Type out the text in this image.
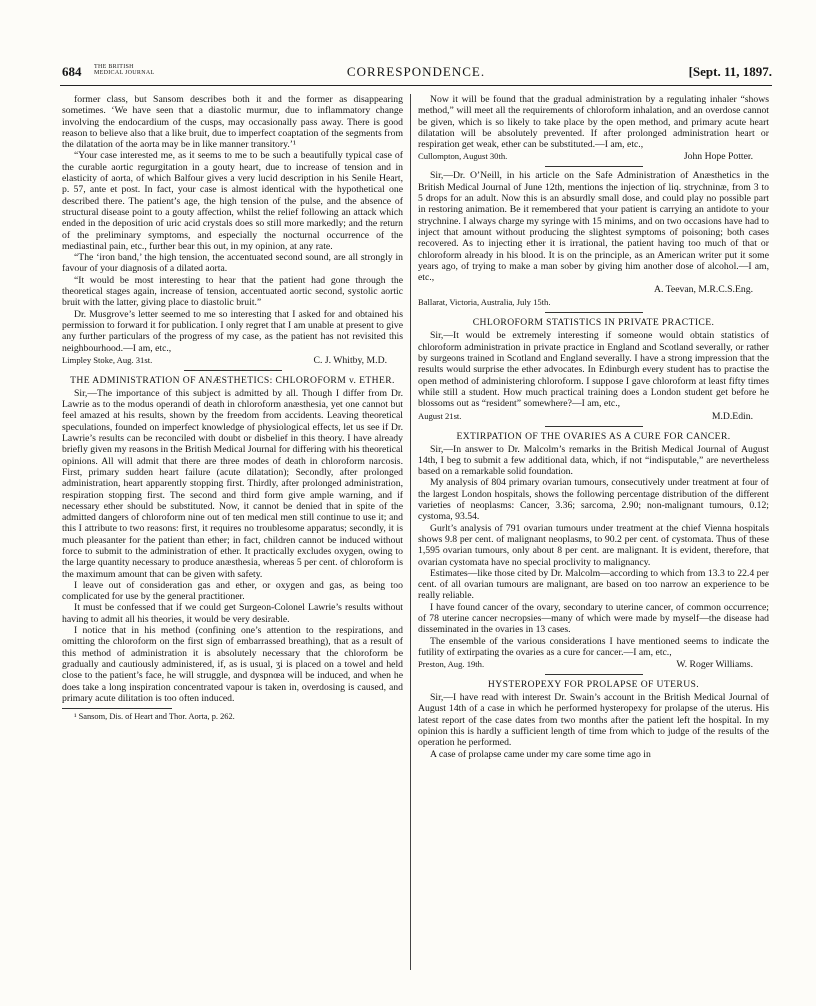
684 THE BRITISH
MEDICAL JOURNAL	CORRESPONDENCE.	[Sept. 11, 1897.

former class, but Sansom describes both it and the former as disappearing sometimes. ‘We have seen that a diastolic murmur, due to inflammatory change involving the endocardium of the cusps, may occasionally pass away. There is good reason to believe also that a like bruit, due to imperfect coaptation of the segments from the dilatation of the aorta may be in like manner transitory.’¹

“Your case interested me, as it seems to me to be such a beautifully typical case of the curable aortic regurgitation in a gouty heart, due to increase of tension and in elasticity of aorta, of which Balfour gives a very lucid description in his Senile Heart, p. 57, ante et post. In fact, your case is almost identical with the hypothetical one described there. The patient’s age, the high tension of the pulse, and the absence of structural disease point to a gouty affection, whilst the relief following an attack which ended in the deposition of uric acid crystals does so still more markedly; and the return of the preliminary symptoms, and especially the nocturnal occurrence of the mediastinal pain, etc., further bear this out, in my opinion, at any rate.

“The ‘iron band,’ the high tension, the accentuated second sound, are all strongly in favour of your diagnosis of a dilated aorta.

“It would be most interesting to hear that the patient had gone through the theoretical stages again, increase of tension, accentuated aortic second, systolic aortic bruit with the latter, giving place to diastolic bruit.”

Dr. Musgrove’s letter seemed to me so interesting that I asked for and obtained his permission to forward it for publication. I only regret that I am unable at present to give any further particulars of the progress of my case, as the patient has not revisited this neighbourhood.—I am, etc.,

Limpley Stoke, Aug. 31st.	C. J. Whitby, M.D.
THE ADMINISTRATION OF ANÆSTHETICS: CHLOROFORM v. ETHER.

Sir,—The importance of this subject is admitted by all. Though I differ from Dr. Lawrie as to the modus operandi of death in chloroform anæsthesia, yet one cannot but feel amazed at his results, shown by the freedom from accidents. Leaving theoretical speculations, founded on imperfect knowledge of physiological effects, let us see if Dr. Lawrie’s results can be reconciled with doubt or disbelief in this theory. I have already briefly given my reasons in the British Medical Journal for differing with his theoretical opinions. All will admit that there are three modes of death in chloroform narcosis. First, primary sudden heart failure (acute dilatation); Secondly, after prolonged administration, heart apparently stopping first. Thirdly, after prolonged administration, respiration stopping first. The second and third form give ample warning, and if necessary ether should be substituted. Now, it cannot be denied that in spite of the admitted dangers of chloroform nine out of ten medical men still continue to use it; and this I attribute to two reasons: first, it requires no troublesome apparatus; secondly, it is much pleasanter for the patient than ether; in fact, children cannot be induced without force to submit to the administration of ether. It practically excludes oxygen, owing to the large quantity necessary to produce anæsthesia, whereas 5 per cent. of chloroform is the maximum amount that can be given with safety.

I leave out of consideration gas and ether, or oxygen and gas, as being too complicated for use by the general practitioner.

It must be confessed that if we could get Surgeon-Colonel Lawrie’s results without having to admit all his theories, it would be very desirable.

I notice that in his method (confining one’s attention to the respirations, and omitting the chloroform on the first sign of embarrassed breathing), that as a result of this method of administration it is absolutely necessary that the chloroform be gradually and cautiously administered, if, as is usual, ʒi is placed on a towel and held close to the patient’s face, he will struggle, and dyspnœa will be induced, and when he does take a long inspiration concentrated vapour is taken in, overdosing is caused, and primary acute dilitation is too often induced.

¹ Sansom, Dis. of Heart and Thor. Aorta, p. 262.

Now it will be found that the gradual administration by a regulating inhaler “shows method,” will meet all the requirements of chloroform inhalation, and an overdose cannot be given, which is so likely to take place by the open method, and primary acute heart dilatation will be absolutely prevented. If after prolonged administration heart or respiration get weak, ether can be substituted.—I am, etc.,

Cullompton, August 30th.	John Hope Potter.

Sir,—Dr. O’Neill, in his article on the Safe Administration of Anæsthetics in the British Medical Journal of June 12th, mentions the injection of liq. strychninæ, from 3 to 5 drops for an adult. Now this is an absurdly small dose, and could play no possible part in restoring animation. Be it remembered that your patient is carrying an antidote to your strychnine. I always charge my syringe with 15 minims, and on two occasions have had to inject that amount without producing the slightest symptoms of poisoning; both cases recovered. As to injecting ether it is irrational, the patient having too much of that or chloroform already in his blood. It is on the principle, as an American writer put it some years ago, of trying to make a man sober by giving him another dose of alcohol.—I am, etc.,

A. Teevan, M.R.C.S.Eng.
Ballarat, Victoria, Australia, July 15th.
CHLOROFORM STATISTICS IN PRIVATE PRACTICE.

Sir,—It would be extremely interesting if someone would obtain statistics of chloroform administration in private practice in England and Scotland severally, or rather by surgeons trained in Scotland and England severally. I have a strong impression that the results would surprise the ether advocates. In Edinburgh every student has to practise the open method of administering chloroform. I suppose I gave chloroform at least fifty times while still a student. How much practical training does a London student get before he blossoms out as “resident” somewhere?—I am, etc.,

August 21st.	M.D.Edin.
EXTIRPATION OF THE OVARIES AS A CURE FOR CANCER.

Sir,—In answer to Dr. Malcolm’s remarks in the British Medical Journal of August 14th, I beg to submit a few additional data, which, if not “indisputable,” are nevertheless based on a remarkable solid foundation.

My analysis of 804 primary ovarian tumours, consecutively under treatment at four of the largest London hospitals, shows the following percentage distribution of the different varieties of neoplasms: Cancer, 3.36; sarcoma, 2.90; non-malignant tumours, 0.12; cystoma, 93.54.

Gurlt’s analysis of 791 ovarian tumours under treatment at the chief Vienna hospitals shows 9.8 per cent. of malignant neoplasms, to 90.2 per cent. of cystomata. Thus of these 1,595 ovarian tumours, only about 8 per cent. are malignant. It is evident, therefore, that ovarian cystomata have no special proclivity to malignancy.

Estimates—like those cited by Dr. Malcolm—according to which from 13.3 to 22.4 per cent. of all ovarian tumours are malignant, are based on too narrow an experience to be really reliable.

I have found cancer of the ovary, secondary to uterine cancer, of common occurrence; of 78 uterine cancer necropsies—many of which were made by myself—the disease had disseminated in the ovaries in 13 cases.

The ensemble of the various considerations I have mentioned seems to indicate the futility of extirpating the ovaries as a cure for cancer.—I am, etc.,

Preston, Aug. 19th.	W. Roger Williams.
HYSTEROPEXY FOR PROLAPSE OF UTERUS.

Sir,—I have read with interest Dr. Swain’s account in the British Medical Journal of August 14th of a case in which he performed hysteropexy for prolapse of the uterus. His latest report of the case dates from two months after the patient left the hospital. In my opinion this is hardly a sufficient length of time from which to judge of the results of the operation he performed.

A case of prolapse came under my care some time ago in
